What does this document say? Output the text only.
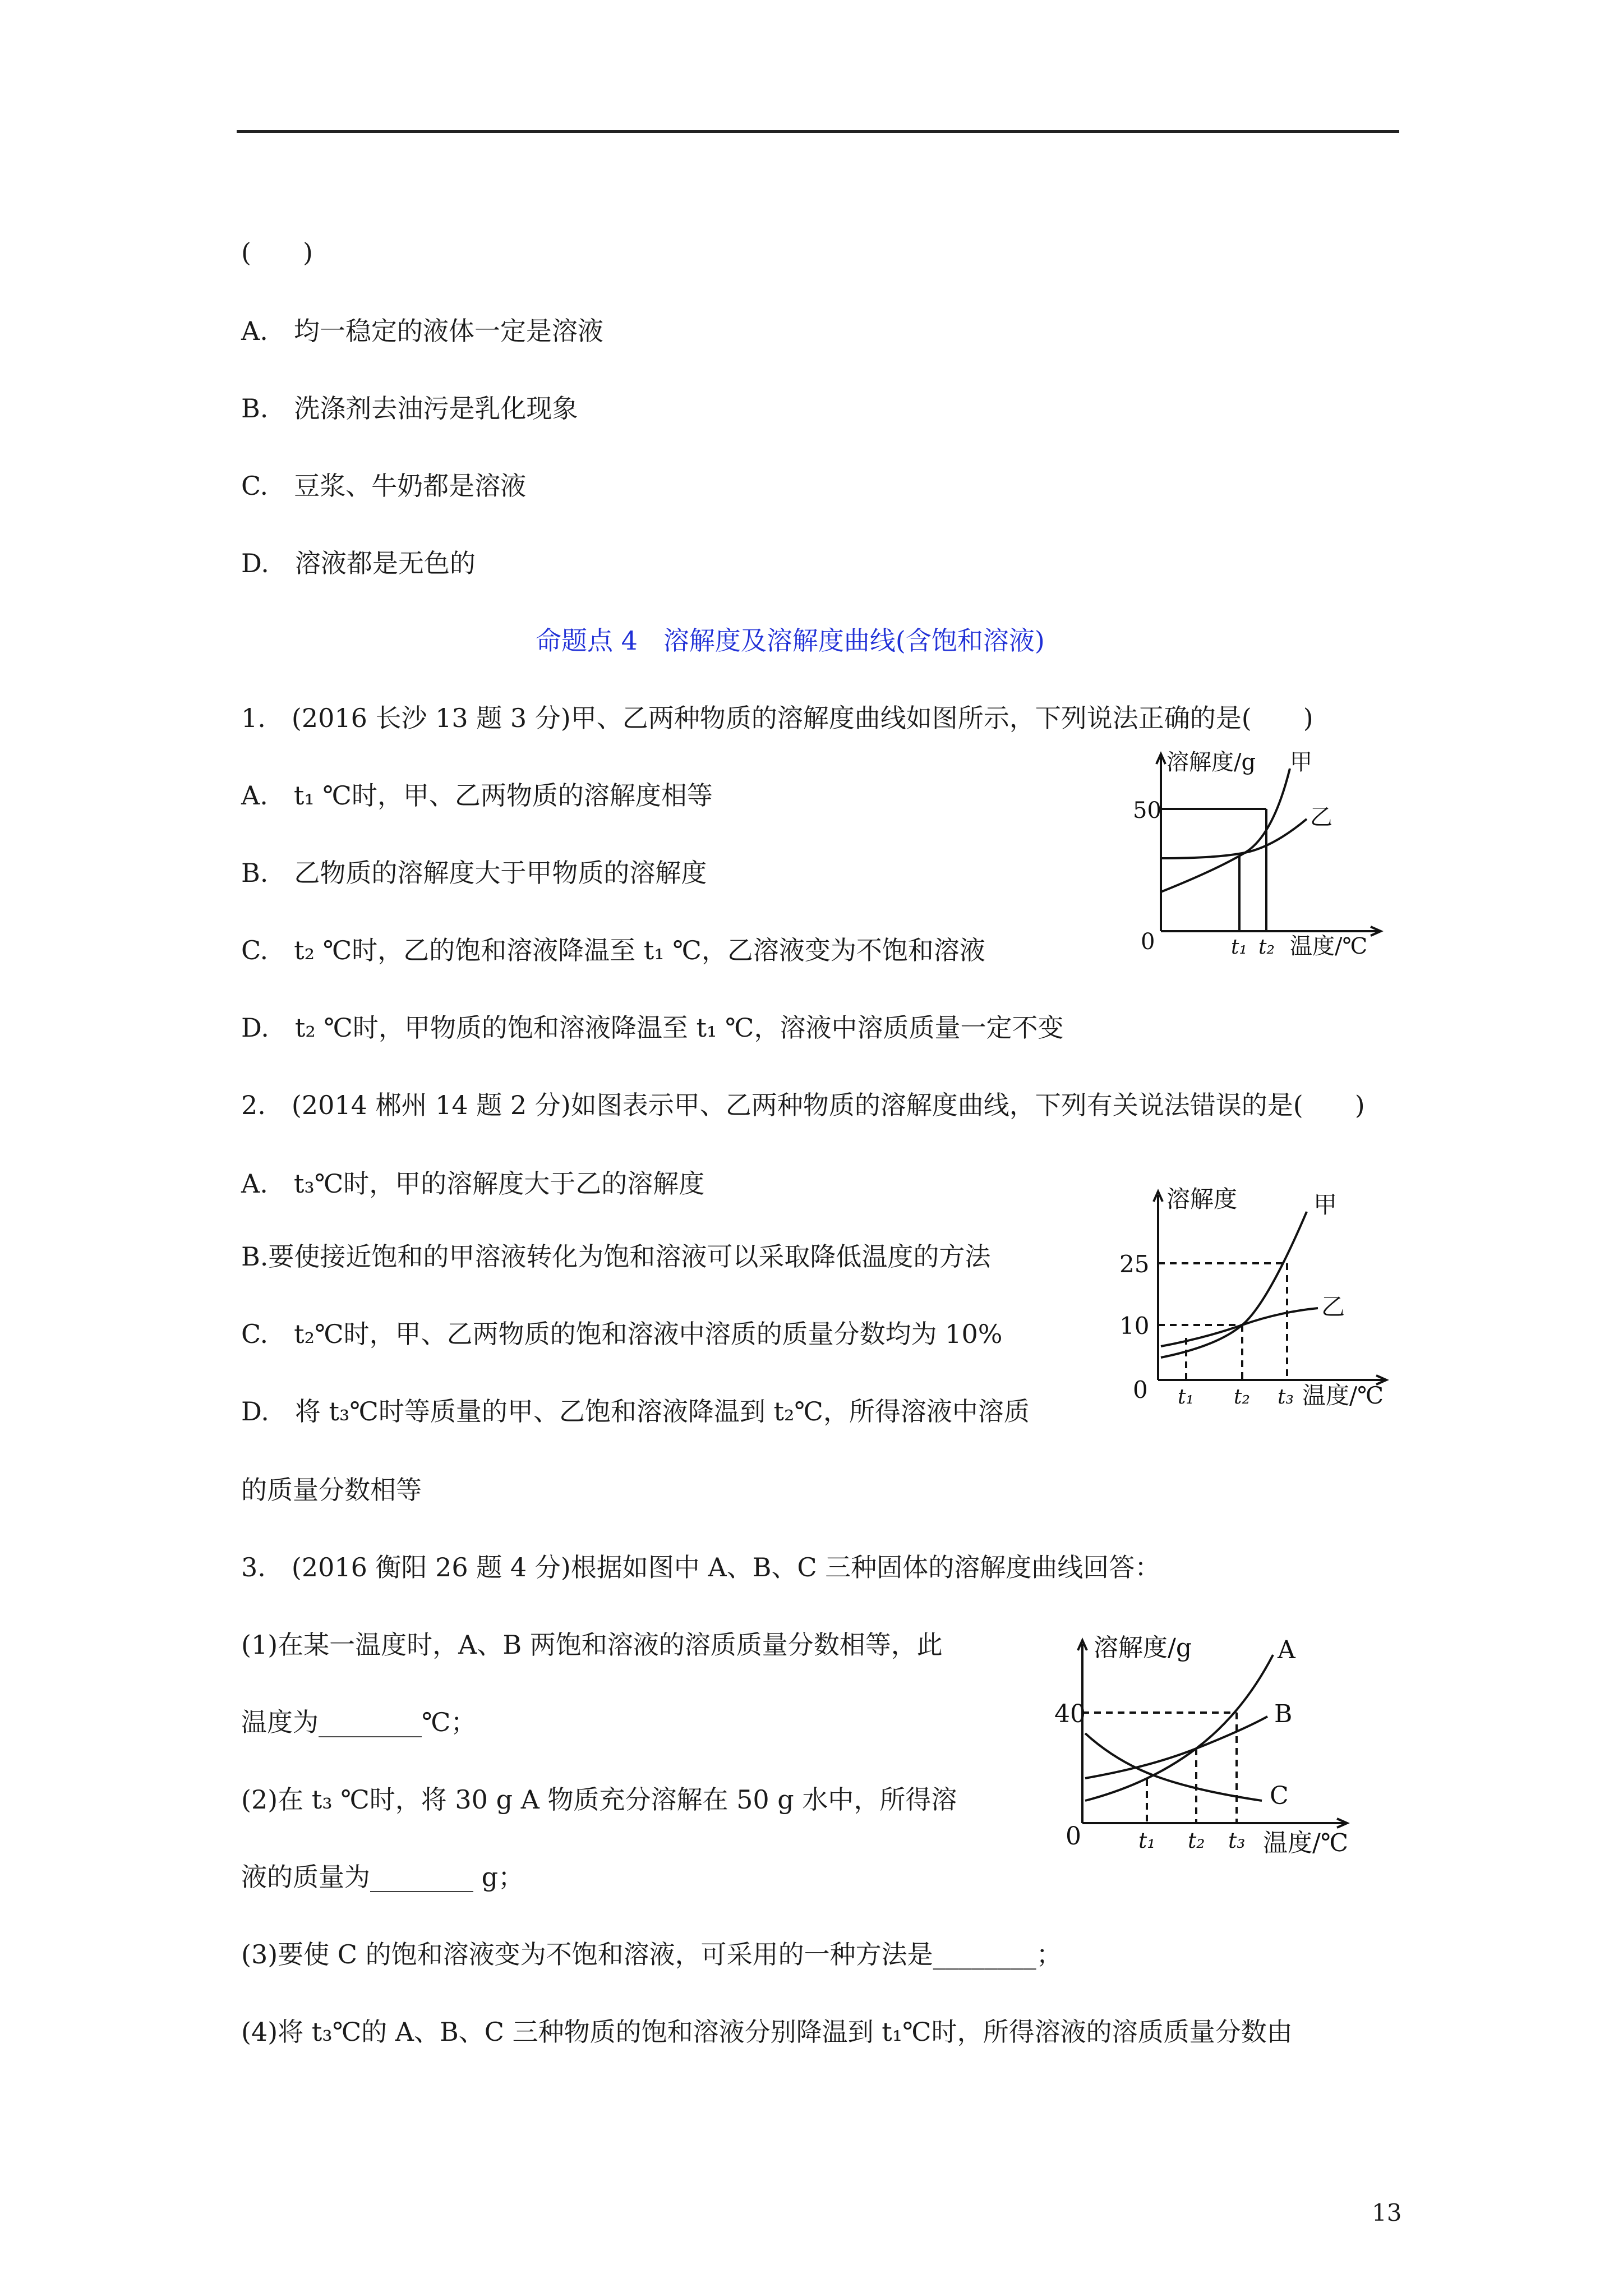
(　　)
A.　均一稳定的液体一定是溶液
B.　洗涤剂去油污是乳化现象
C.　豆浆、牛奶都是溶液
D.　溶液都是无色的
命题点 4　溶解度及溶解度曲线(含饱和溶液)
1.　(2016 长沙 13 题 3 分)甲、乙两种物质的溶解度曲线如图所示，下列说法正确的是(　　)
A.　t₁ ℃时，甲、乙两物质的溶解度相等
B.　乙物质的溶解度大于甲物质的溶解度
C.　t₂ ℃时，乙的饱和溶液降温至 t₁ ℃，乙溶液变为不饱和溶液
D.　t₂ ℃时，甲物质的饱和溶液降温至 t₁ ℃，溶液中溶质质量一定不变
2.　(2014 郴州 14 题 2 分)如图表示甲、乙两种物质的溶解度曲线，下列有关说法错误的是(　　)
A.　t₃℃时，甲的溶解度大于乙的溶解度
B.要使接近饱和的甲溶液转化为饱和溶液可以采取降低温度的方法
C.　t₂℃时，甲、乙两物质的饱和溶液中溶质的质量分数均为 10%
D.　将 t₃℃时等质量的甲、乙饱和溶液降温到 t₂℃，所得溶液中溶质
的质量分数相等
3.　(2016 衡阳 26 题 4 分)根据如图中 A、B、C 三种固体的溶解度曲线回答：
(1)在某一温度时，A、B 两饱和溶液的溶质质量分数相等，此
温度为________℃；
(2)在 t₃ ℃时，将 30 g A 物质充分溶解在 50 g 水中，所得溶
液的质量为________ g；
(3)要使 C 的饱和溶液变为不饱和溶液，可采用的一种方法是________；
(4)将 t₃℃的 A、B、C 三种物质的饱和溶液分别降温到 t₁℃时，所得溶液的溶质质量分数由
13
溶解度/g
50
0	t₁ t₂ 温度/℃
甲
乙
溶解度
25
10
0 t₁ t₂ t₃ 温度/℃
甲
乙
溶解度/g
40
0	t₁ t₂ t₃ 温度/℃
A
B
C
